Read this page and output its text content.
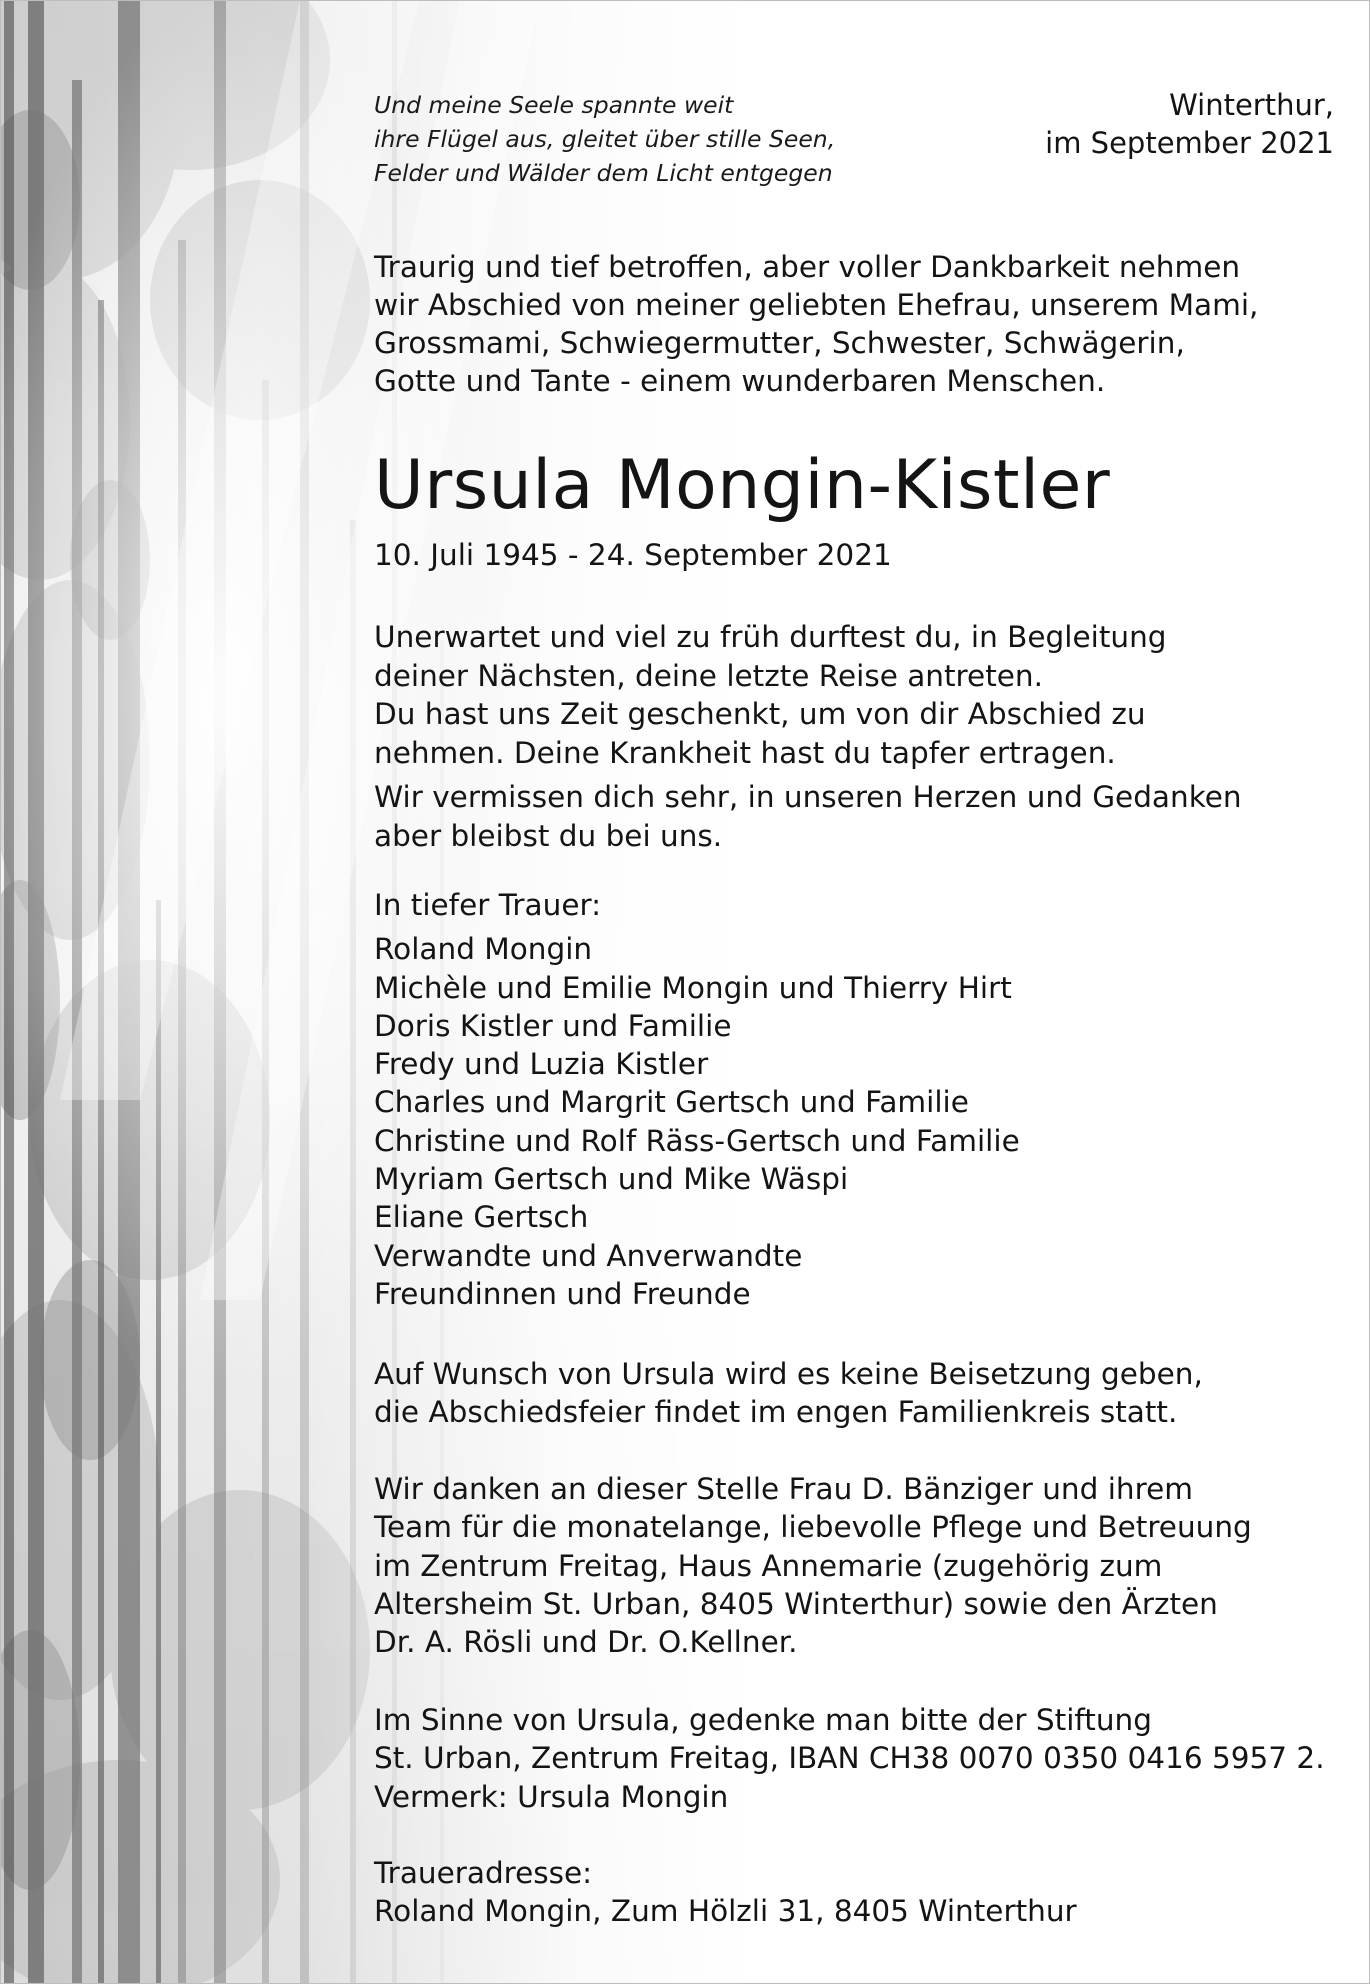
Und meine Seele spannte weit
ihre Flügel aus, gleitet über stille Seen,
Felder und Wälder dem Licht entgegen
Winterthur,
im September 2021
Traurig und tief betroffen, aber voller Dankbarkeit nehmen
wir Abschied von meiner geliebten Ehefrau, unserem Mami,
Grossmami, Schwiegermutter, Schwester, Schwägerin,
Gotte und Tante - einem wunderbaren Menschen.
Ursula Mongin-Kistler
10. Juli 1945 - 24. September 2021
Unerwartet und viel zu früh durftest du, in Begleitung
deiner Nächsten, deine letzte Reise antreten.
Du hast uns Zeit geschenkt, um von dir Abschied zu
nehmen. Deine Krankheit hast du tapfer ertragen.
Wir vermissen dich sehr, in unseren Herzen und Gedanken
aber bleibst du bei uns.
In tiefer Trauer:
Roland Mongin
Michèle und Emilie Mongin und Thierry Hirt
Doris Kistler und Familie
Fredy und Luzia Kistler
Charles und Margrit Gertsch und Familie
Christine und Rolf Räss-Gertsch und Familie
Myriam Gertsch und Mike Wäspi
Eliane Gertsch
Verwandte und Anverwandte
Freundinnen und Freunde
Auf Wunsch von Ursula wird es keine Beisetzung geben,
die Abschiedsfeier findet im engen Familienkreis statt.
Wir danken an dieser Stelle Frau D. Bänziger und ihrem
Team für die monatelange, liebevolle Pflege und Betreuung
im Zentrum Freitag, Haus Annemarie (zugehörig zum
Altersheim St. Urban, 8405 Winterthur) sowie den Ärzten
Dr. A. Rösli und Dr. O.Kellner.
Im Sinne von Ursula, gedenke man bitte der Stiftung
St. Urban, Zentrum Freitag, IBAN CH38 0070 0350 0416 5957 2.
Vermerk: Ursula Mongin
Traueradresse:
Roland Mongin, Zum Hölzli 31, 8405 Winterthur
